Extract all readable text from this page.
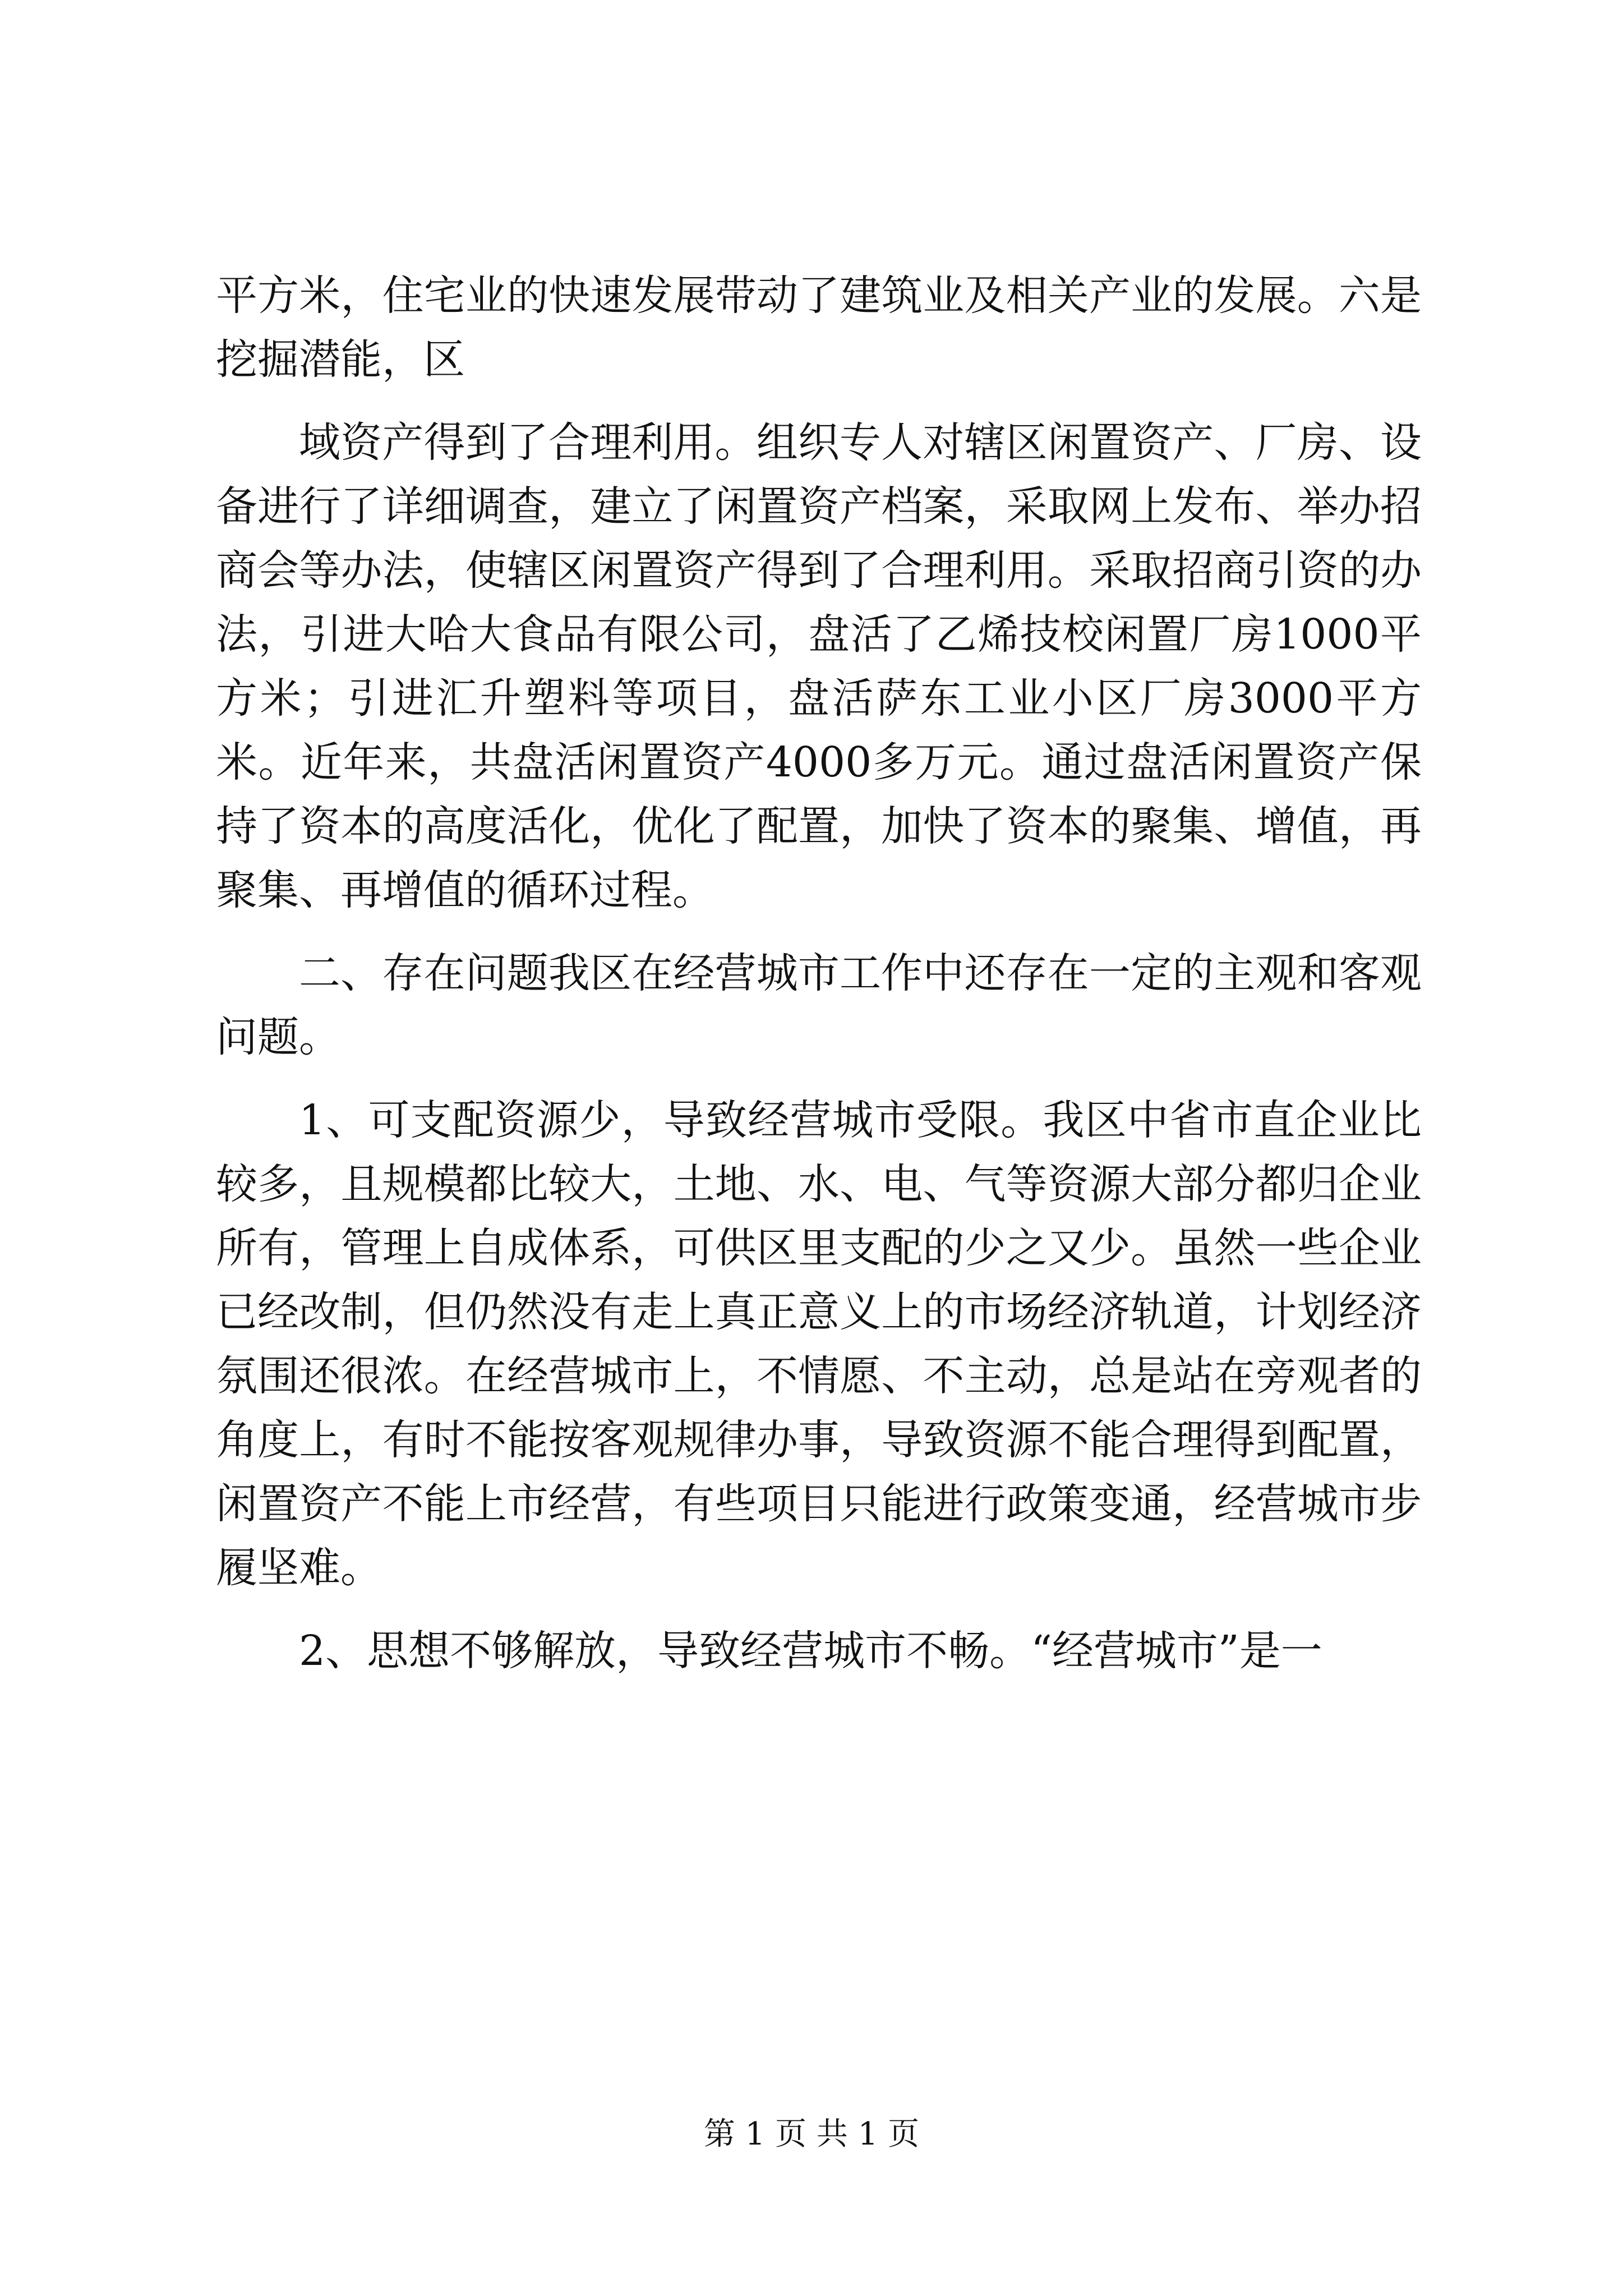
平方米，住宅业的快速发展带动了建筑业及相关产业的发展。六是挖掘潜能，区

域资产得到了合理利用。组织专人对辖区闲置资产、厂房、设备进行了详细调查，建立了闲置资产档案，采取网上发布、举办招商会等办法，使辖区闲置资产得到了合理利用。采取招商引资的办法，引进大哈大食品有限公司，盘活了乙烯技校闲置厂房1000平方米；引进汇升塑料等项目，盘活萨东工业小区厂房3000平方米。近年来，共盘活闲置资产4000多万元。通过盘活闲置资产保持了资本的高度活化，优化了配置，加快了资本的聚集、增值，再聚集、再增值的循环过程。

二、存在问题我区在经营城市工作中还存在一定的主观和客观问题。

1、可支配资源少，导致经营城市受限。我区中省市直企业比较多，且规模都比较大，土地、水、电、气等资源大部分都归企业所有，管理上自成体系，可供区里支配的少之又少。虽然一些企业已经改制，但仍然没有走上真正意义上的市场经济轨道，计划经济氛围还很浓。在经营城市上，不情愿、不主动，总是站在旁观者的角度上，有时不能按客观规律办事，导致资源不能合理得到配置，闲置资产不能上市经营，有些项目只能进行政策变通，经营城市步履坚难。

2、思想不够解放，导致经营城市不畅。“经营城市”是一

第 1 页 共 1 页
